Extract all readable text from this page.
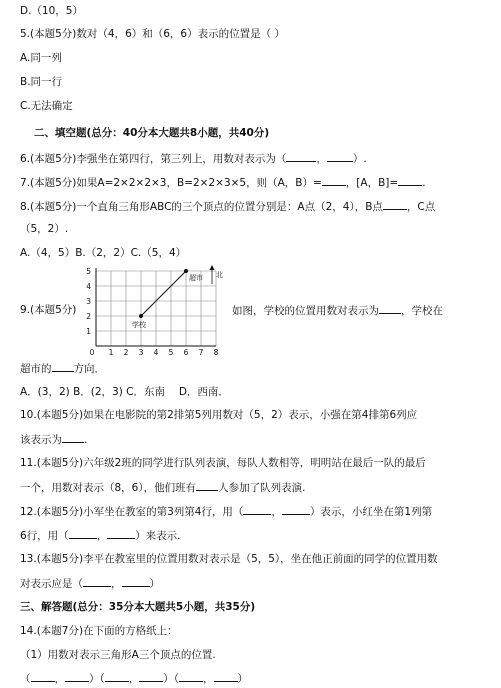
D.（10，5）
5.(本题5分)数对（4，6）和（6，6）表示的位置是（ ）
A.同一列
B.同一行
C.无法确定
二、填空题(总分：40分本大题共8小题，共40分)
6.(本题5分)李强坐在第四行，第三列上，用数对表示为（	， ）.
7.(本题5分)如果A=2×2×2×3，B=2×2×3×5，则（A，B）= ，[A，B]= .
8.(本题5分)一个直角三角形ABC的三个顶点的位置分别是：A点（2，4），B点 ，C点
（5，2）.
A.（4，5）B.（2，2）C.（5，4）
9.(本题5分)
0 1 2 3 4 5 6 7 8
1
2
3
4
5
学校
超市 北
如图，学校的位置用数对表示为 ，学校在
超市的 方向．
A．(3，2) B．(2，3) C．东南　 D．西南．
10.(本题5分)如果在电影院的第2排第5列用数对（5，2）表示，小强在第4排第6列应
该表示为 .
11.(本题5分)六年级2班的同学进行队列表演，每队人数相等，明明站在最后一队的最后
一个，用数对表示（8，6），他们班有 人参加了队列表演.
12.(本题5分)小军坐在教室的第3列第4行，用（	，	）表示，小红坐在第1列第
6行，用（	，	）来表示.
13.(本题5分)李平在教室里的位置用数对表示是（5，5），坐在他正前面的同学的位置用数
对表示应是（	，	）
三、解答题(总分：35分本大题共5小题，共35分)
14.(本题7分)在下面的方格纸上：
（1）用数对表示三角形A三个顶点的位置.
（ ， ）（ ， ）（ ， ）
